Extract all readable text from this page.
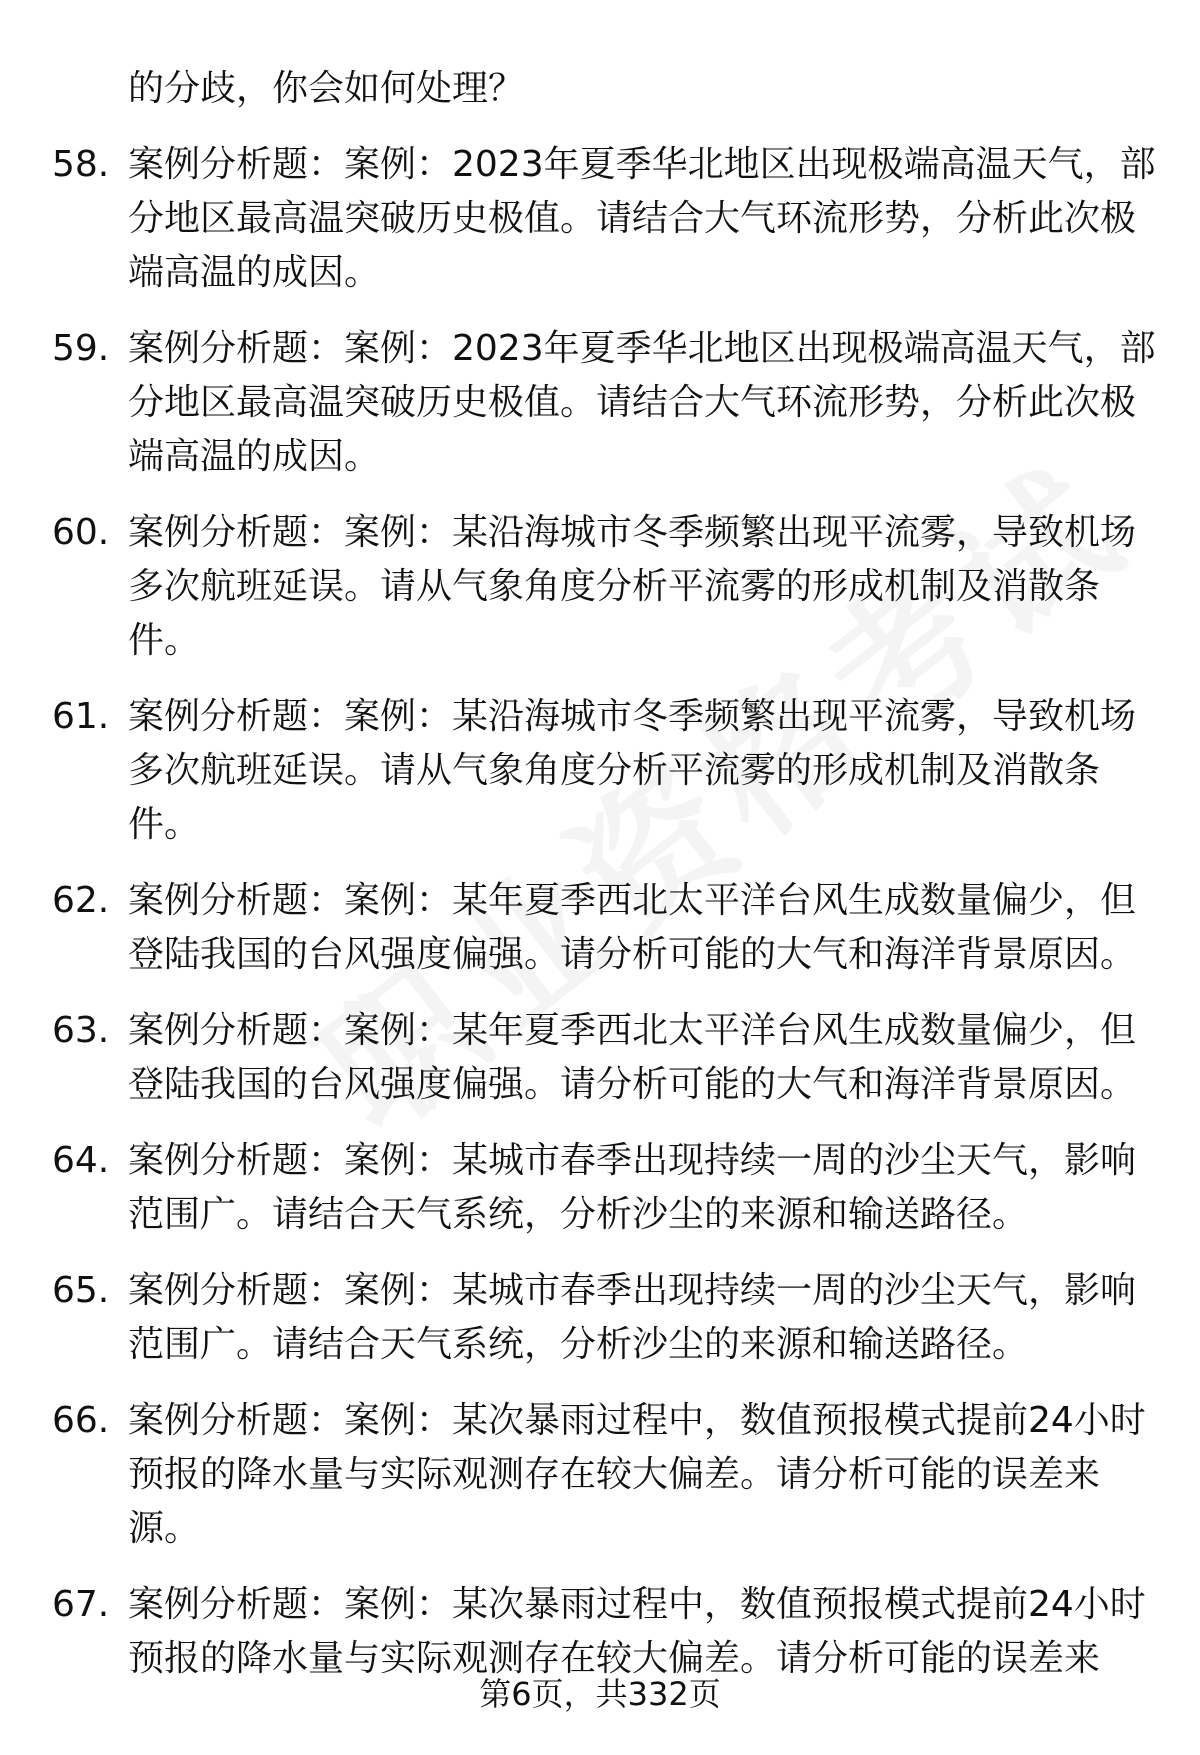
的分歧，你会如何处理？
58. 案例分析题：案例：2023年夏季华北地区出现极端高温天气，部
分地区最高温突破历史极值。请结合大气环流形势，分析此次极
端高温的成因。
59. 案例分析题：案例：2023年夏季华北地区出现极端高温天气，部
分地区最高温突破历史极值。请结合大气环流形势，分析此次极
端高温的成因。
60. 案例分析题：案例：某沿海城市冬季频繁出现平流雾，导致机场
多次航班延误。请从气象角度分析平流雾的形成机制及消散条
件。
61. 案例分析题：案例：某沿海城市冬季频繁出现平流雾，导致机场
多次航班延误。请从气象角度分析平流雾的形成机制及消散条
件。
62. 案例分析题：案例：某年夏季西北太平洋台风生成数量偏少，但
登陆我国的台风强度偏强。请分析可能的大气和海洋背景原因。
63. 案例分析题：案例：某年夏季西北太平洋台风生成数量偏少，但
登陆我国的台风强度偏强。请分析可能的大气和海洋背景原因。
64. 案例分析题：案例：某城市春季出现持续一周的沙尘天气，影响
范围广。请结合天气系统，分析沙尘的来源和输送路径。
65. 案例分析题：案例：某城市春季出现持续一周的沙尘天气，影响
范围广。请结合天气系统，分析沙尘的来源和输送路径。
66. 案例分析题：案例：某次暴雨过程中，数值预报模式提前24小时
预报的降水量与实际观测存在较大偏差。请分析可能的误差来
源。
67. 案例分析题：案例：某次暴雨过程中，数值预报模式提前24小时
预报的降水量与实际观测存在较大偏差。请分析可能的误差来
第6页，共332页
